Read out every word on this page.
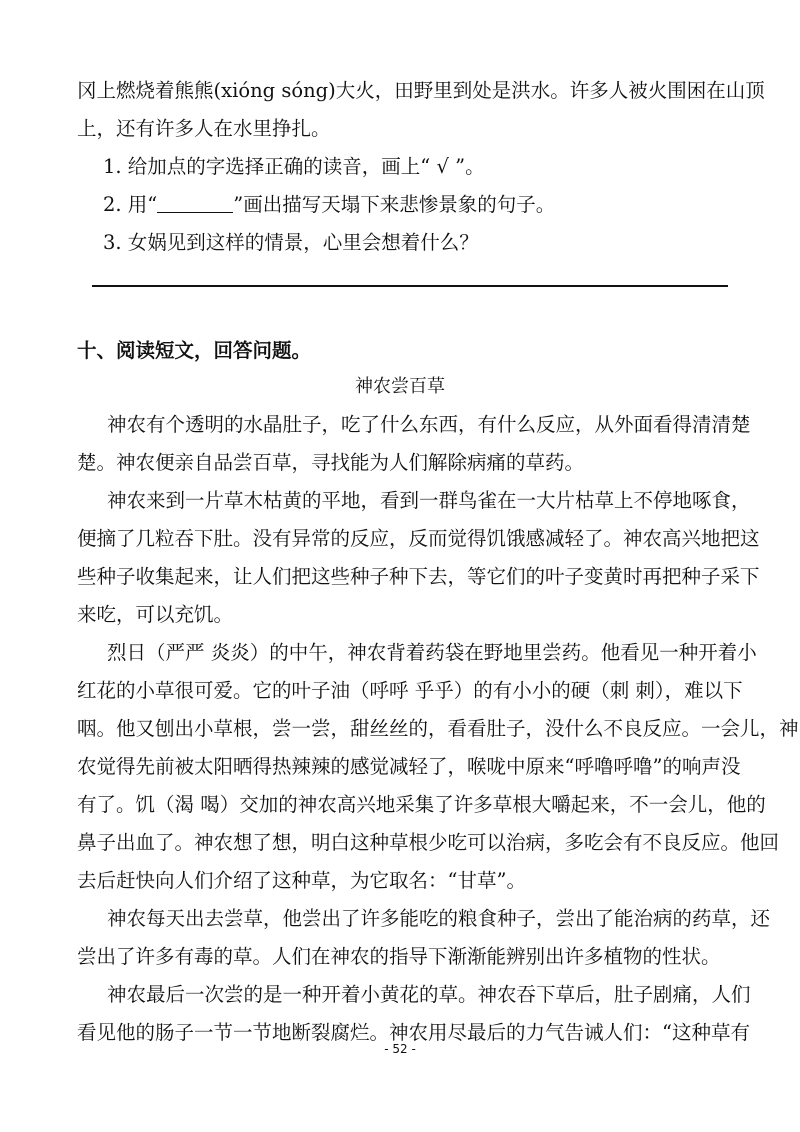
冈上燃烧着熊熊(xióng sóng)大火，田野里到处是洪水。许多人被火围困在山顶
上，还有许多人在水里挣扎。
1. 给加点的字选择正确的读音，画上“ √ ”。
2. 用“	”画出描写天塌下来悲惨景象的句子。
3. 女娲见到这样的情景，心里会想着什么？
十、阅读短文，回答问题。
神农尝百草
神农有个透明的水晶肚子，吃了什么东西，有什么反应，从外面看得清清楚
楚。神农便亲自品尝百草，寻找能为人们解除病痛的草药。
神农来到一片草木枯黄的平地，看到一群鸟雀在一大片枯草上不停地啄食，
便摘了几粒吞下肚。没有异常的反应，反而觉得饥饿感减轻了。神农高兴地把这
些种子收集起来，让人们把这些种子种下去，等它们的叶子变黄时再把种子采下
来吃，可以充饥。
烈日（严严 炎炎）的中午，神农背着药袋在野地里尝药。他看见一种开着小
红花的小草很可爱。它的叶子油（呼呼 乎乎）的有小小的硬（刺 刺），难以下
咽。他又刨出小草根，尝一尝，甜丝丝的，看看肚子，没什么不良反应。一会儿，神
农觉得先前被太阳晒得热辣辣的感觉减轻了，喉咙中原来“呼噜呼噜”的响声没
有了。饥（渴 喝）交加的神农高兴地采集了许多草根大嚼起来，不一会儿，他的
鼻子出血了。神农想了想，明白这种草根少吃可以治病，多吃会有不良反应。他回
去后赶快向人们介绍了这种草，为它取名：“甘草”。
神农每天出去尝草，他尝出了许多能吃的粮食种子，尝出了能治病的药草，还
尝出了许多有毒的草。人们在神农的指导下渐渐能辨别出许多植物的性状。
神农最后一次尝的是一种开着小黄花的草。神农吞下草后，肚子剧痛，人们
看见他的肠子一节一节地断裂腐烂。神农用尽最后的力气告诫人们：“这种草有
- 52 -
